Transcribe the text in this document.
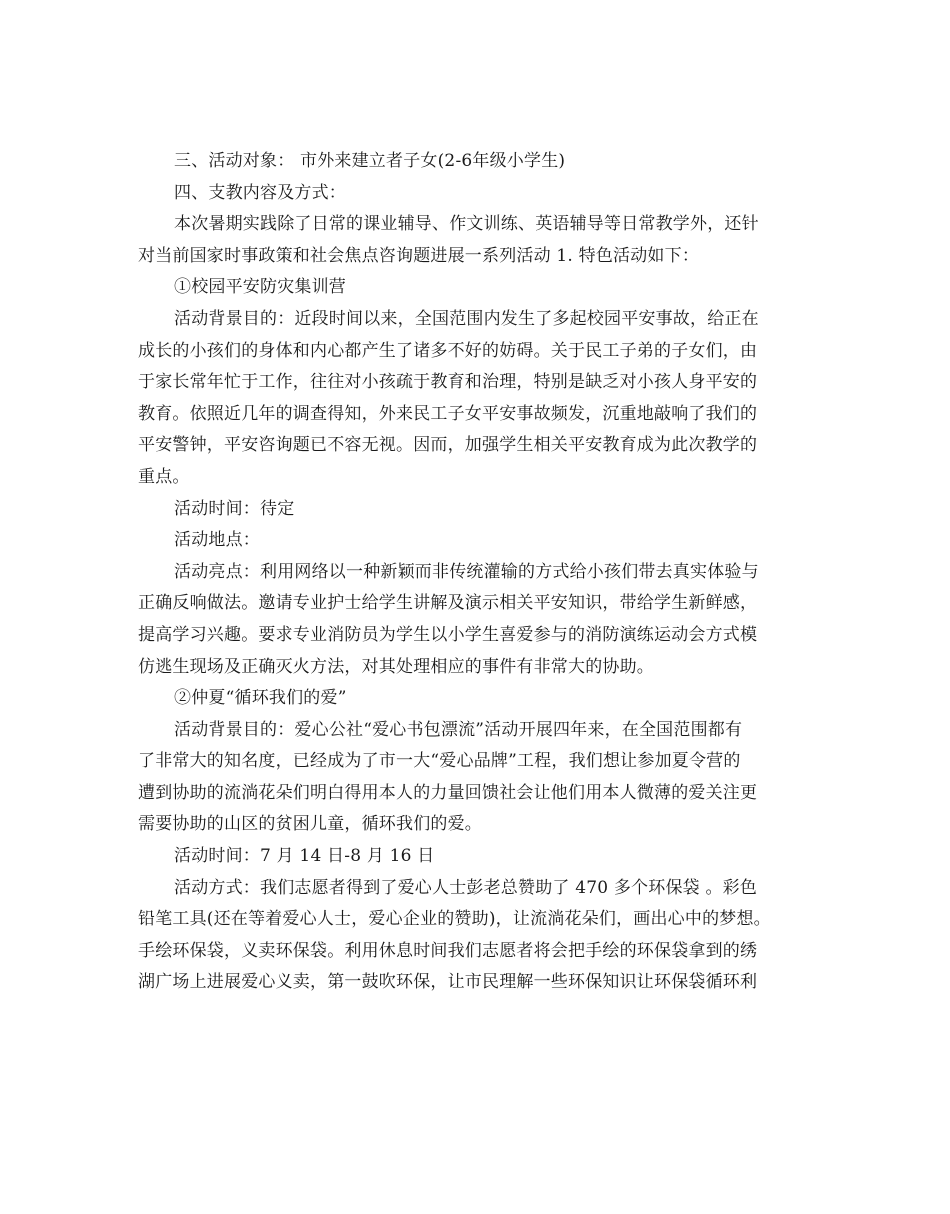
三、活动对象： 市外来建立者子女(2-6年级小学生)
四、支教内容及方式：
本次暑期实践除了日常的课业辅导、作文训练、英语辅导等日常教学外，还针
对当前国家时事政策和社会焦点咨询题进展一系列活动 1. 特色活动如下：
①校园平安防灾集训营
活动背景目的：近段时间以来，全国范围内发生了多起校园平安事故，给正在
成长的小孩们的身体和内心都产生了诸多不好的妨碍。关于民工子弟的子女们，由
于家长常年忙于工作，往往对小孩疏于教育和治理，特别是缺乏对小孩人身平安的
教育。依照近几年的调查得知，外来民工子女平安事故频发，沉重地敲响了我们的
平安警钟，平安咨询题已不容无视。因而，加强学生相关平安教育成为此次教学的
重点。
活动时间：待定
活动地点：
活动亮点：利用网络以一种新颖而非传统灌输的方式给小孩们带去真实体验与
正确反响做法。邀请专业护士给学生讲解及演示相关平安知识，带给学生新鲜感，
提高学习兴趣。要求专业消防员为学生以小学生喜爱参与的消防演练运动会方式模
仿逃生现场及正确灭火方法，对其处理相应的事件有非常大的协助。
②仲夏“循环我们的爱”
活动背景目的：爱心公社“爱心书包漂流”活动开展四年来，在全国范围都有
了非常大的知名度，已经成为了市一大“爱心品牌”工程，我们想让参加夏令营的
遭到协助的流淌花朵们明白得用本人的力量回馈社会让他们用本人微薄的爱关注更
需要协助的山区的贫困儿童，循环我们的爱。
活动时间：7 月 14 日-8 月 16 日
活动方式：我们志愿者得到了爱心人士彭老总赞助了 470 多个环保袋 。彩色
铅笔工具(还在等着爱心人士，爱心企业的赞助)，让流淌花朵们，画出心中的梦想。
手绘环保袋，义卖环保袋。利用休息时间我们志愿者将会把手绘的环保袋拿到的绣
湖广场上进展爱心义卖，第一鼓吹环保，让市民理解一些环保知识让环保袋循环利
